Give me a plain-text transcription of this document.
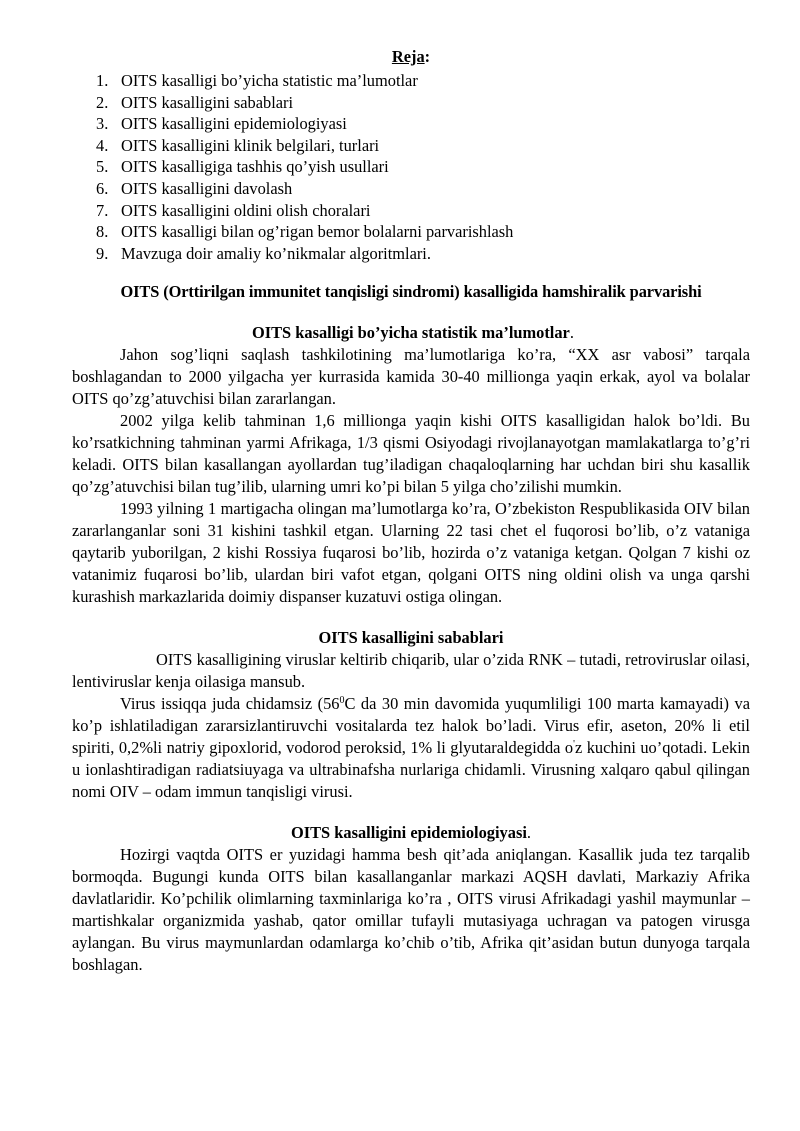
Reja:
1. OITS kasalligi bo’yicha statistic ma’lumotlar
2. OITS kasalligini sabablari
3. OITS kasalligini epidemiologiyasi
4. OITS kasalligini klinik belgilari, turlari
5. OITS kasalligiga tashhis qo’yish usullari
6. OITS kasalligini davolash
7. OITS kasalligini oldini olish choralari
8. OITS kasalligi bilan og’rigan bemor bolalarni parvarishlash
9. Mavzuga doir amaliy ko’nikmalar algoritmlari.
OITS (Orttirilgan immunitet tanqisligi sindromi) kasalligida hamshiralik parvarishi
OITS kasalligi bo’yicha statistik ma’lumotlar.

Jahon sog’liqni saqlash tashkilotining ma’lumotlariga ko’ra, “XX asr vabosi” tarqala boshlagandan to 2000 yilgacha yer kurrasida kamida 30-40 millionga yaqin erkak, ayol va bolalar OITS qo’zg’atuvchisi bilan zararlangan.

2002 yilga kelib tahminan 1,6 millionga yaqin kishi OITS kasalligidan halok bo’ldi. Bu ko’rsatkichning tahminan yarmi Afrikaga, 1/3 qismi Osiyodagi rivojlanayotgan mamlakatlarga to’g’ri keladi. OITS bilan kasallangan ayollardan tug’iladigan chaqaloqlarning har uchdan biri shu kasallik qo’zg’atuvchisi bilan tug’ilib, ularning umri ko’pi bilan 5 yilga cho’zilishi mumkin.

1993 yilning 1 martigacha olingan ma’lumotlarga ko’ra, O’zbekiston Respublikasida OIV bilan zararlanganlar soni 31 kishini tashkil etgan. Ularning 22 tasi chet el fuqorosi bo’lib, o’z vataniga qaytarib yuborilgan, 2 kishi Rossiya fuqarosi bo’lib, hozirda o’z vataniga ketgan. Qolgan 7 kishi oz vatanimiz fuqarosi bo’lib, ulardan biri vafot etgan, qolgani OITS ning oldini olish va unga qarshi kurashish markazlarida doimiy dispanser kuzatuvi ostiga olingan.

OITS kasalligini sabablari

OITS kasalligining viruslar keltirib chiqarib, ular o’zida RNK – tutadi, retroviruslar oilasi, lentiviruslar kenja oilasiga mansub.

Virus issiqqa juda chidamsiz ($56^0C$ da 30 min davomida yuqumliligi 100 marta kamayadi) va ko’p ishlatiladigan zararsizlantiruvchi vositalarda tez halok bo’ladi. Virus efir, aseton, 20% li etil spiriti, 0,2%li natriy gipoxlorid, vodorod peroksid, 1% li glyutaraldegidda o'z kuchini uo’qotadi. Lekin u ionlashtiradigan radiatsiuyaga va ultrabinafsha nurlariga chidamli. Virusning xalqaro qabul qilingan nomi OIV – odam immun tanqisligi virusi.

OITS kasalligini epidemiologiyasi.

Hozirgi vaqtda OITS er yuzidagi hamma besh qit’ada aniqlangan. Kasallik juda tez tarqalib bormoqda. Bugungi kunda OITS bilan kasallanganlar markazi AQSH davlati, Markaziy Afrika davlatlaridir. Ko’pchilik olimlarning taxminlariga ko’ra , OITS virusi Afrikadagi yashil maymunlar – martishkalar organizmida yashab, qator omillar tufayli mutasiyaga uchragan va patogen virusga aylangan. Bu virus maymunlardan odamlarga ko’chib o’tib, Afrika qit’asidan butun dunyoga tarqala boshlagan.
